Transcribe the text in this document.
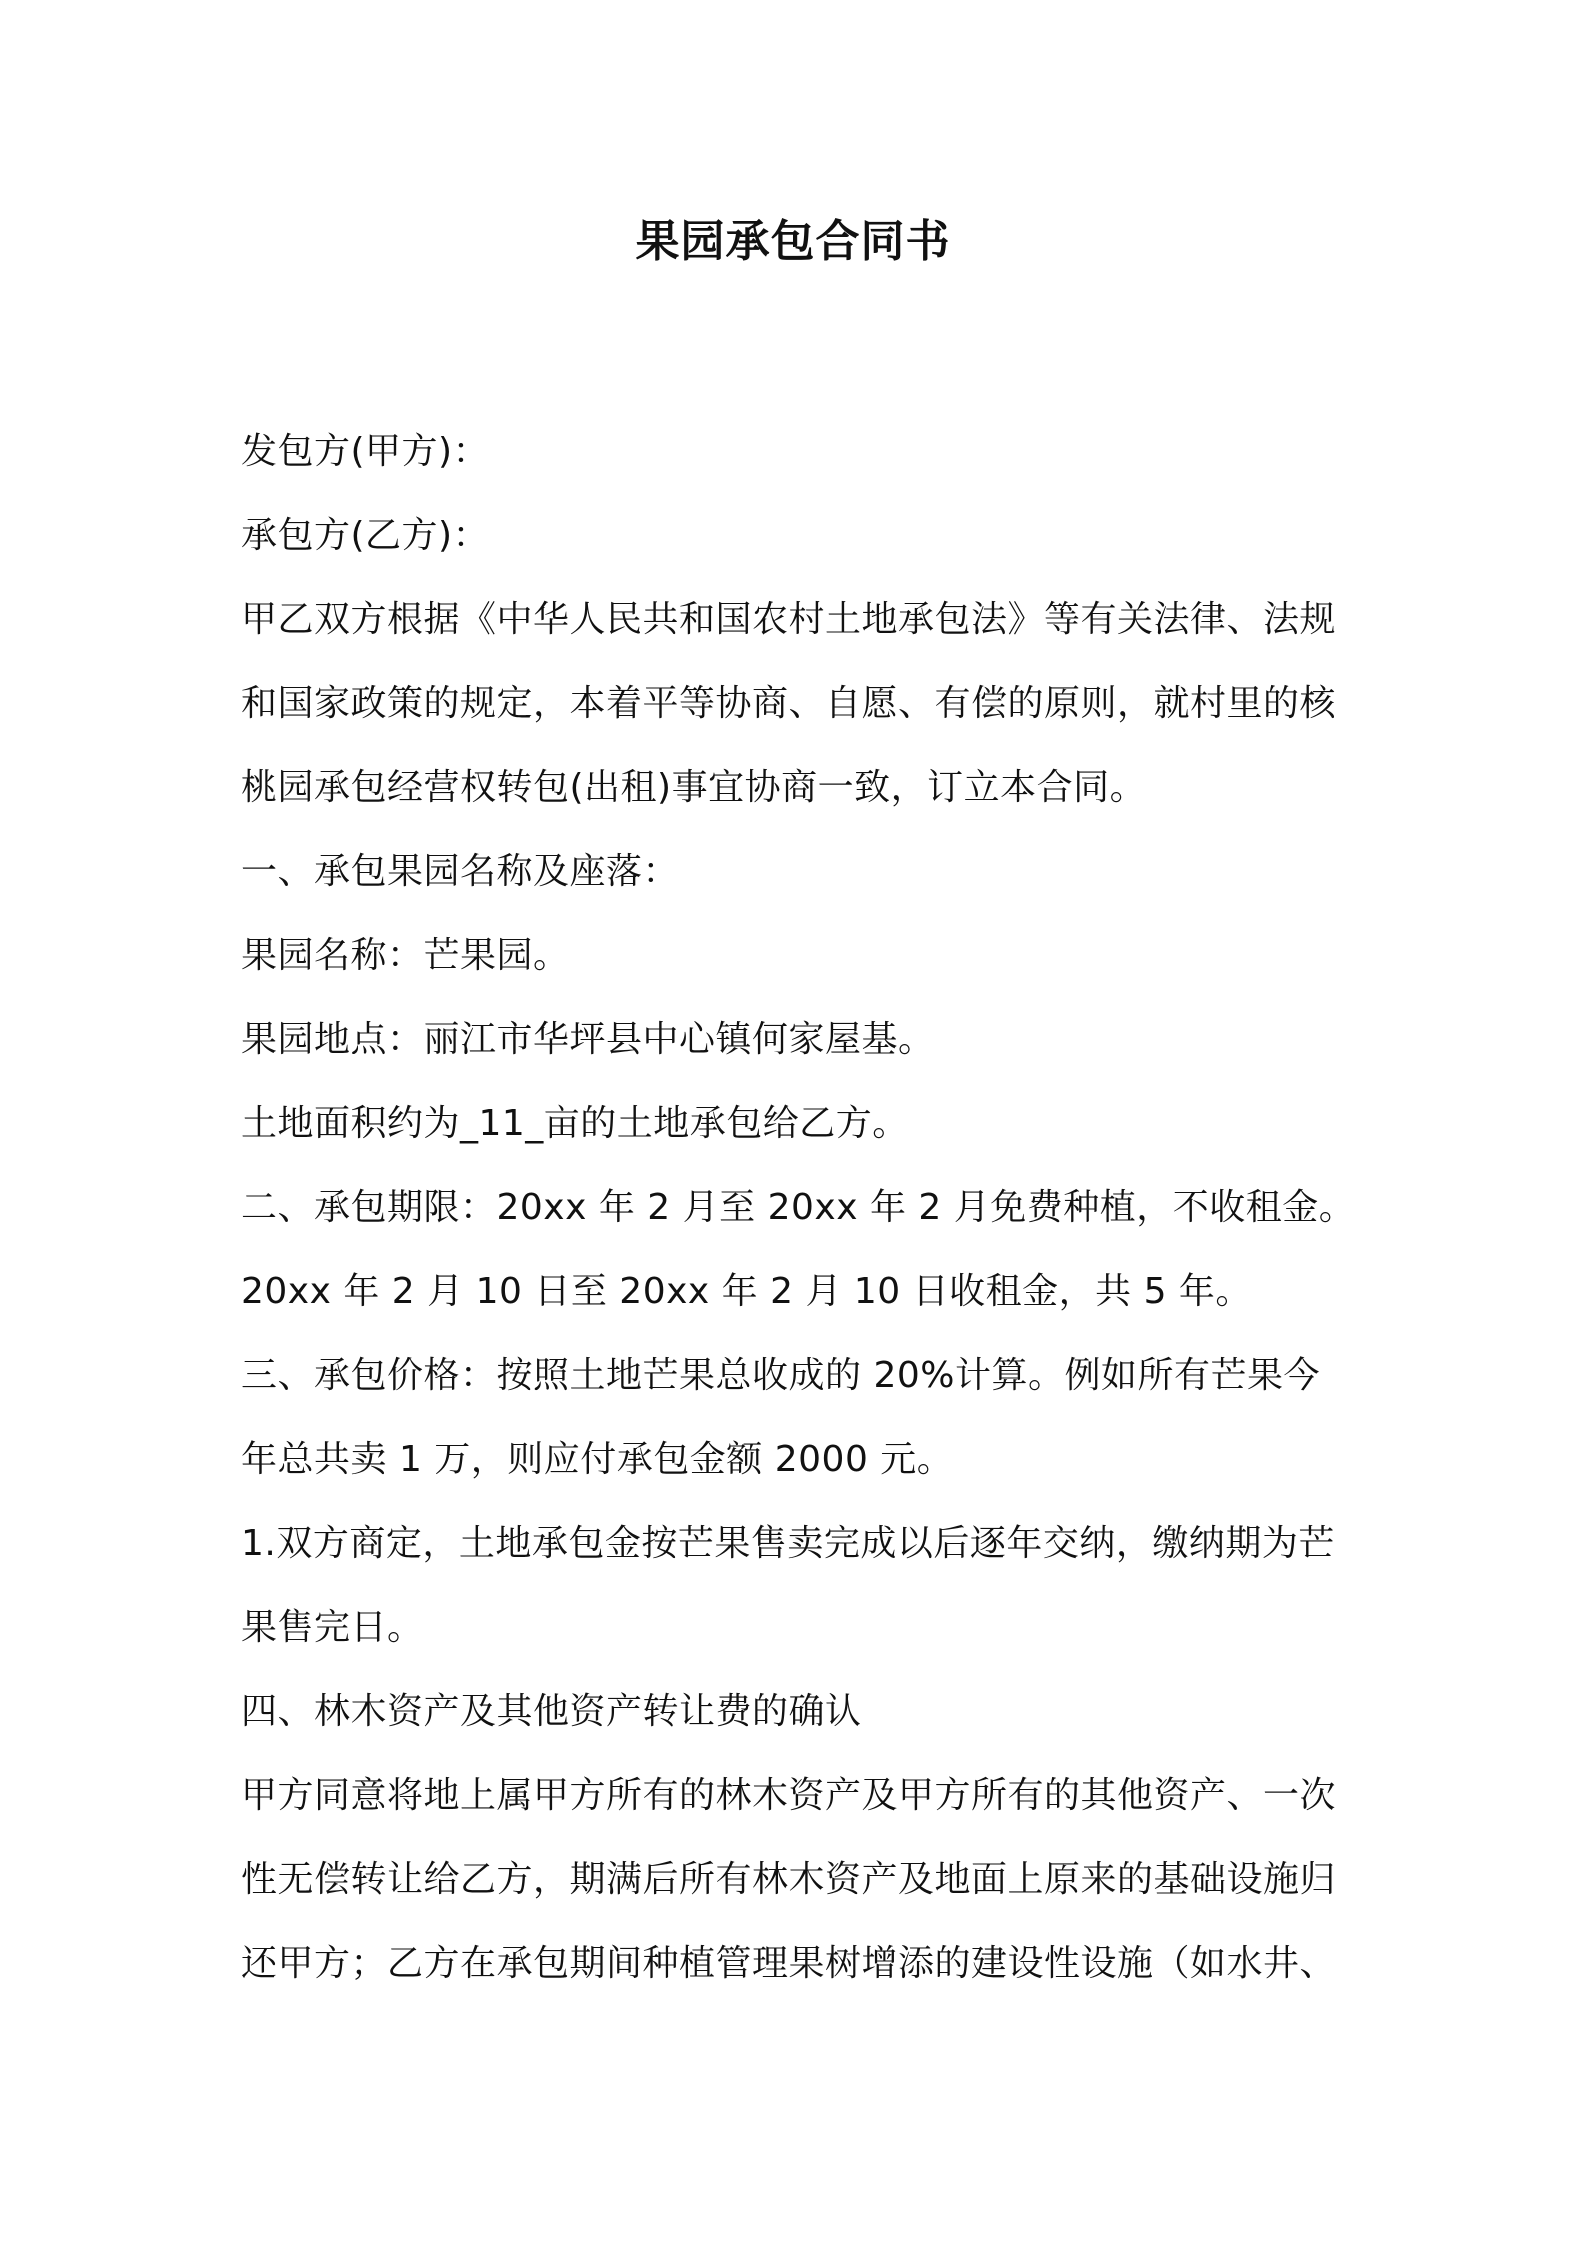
果园承包合同书
发包方(甲方)：
承包方(乙方)：
甲乙双方根据《中华人民共和国农村土地承包法》等有关法律、法规
和国家政策的规定，本着平等协商、自愿、有偿的原则，就村里的核
桃园承包经营权转包(出租)事宜协商一致，订立本合同。
一、承包果园名称及座落：
果园名称：芒果园。
果园地点：丽江市华坪县中心镇何家屋基。
土地面积约为_11_亩的土地承包给乙方。
二、承包期限：20xx 年 2 月至 20xx 年 2 月免费种植，不收租金。
20xx 年 2 月 10 日至 20xx 年 2 月 10 日收租金，共 5 年。
三、承包价格：按照土地芒果总收成的 20%计算。例如所有芒果今
年总共卖 1 万，则应付承包金额 2000 元。
1.双方商定，土地承包金按芒果售卖完成以后逐年交纳，缴纳期为芒
果售完日。
四、林木资产及其他资产转让费的确认
甲方同意将地上属甲方所有的林木资产及甲方所有的其他资产、一次
性无偿转让给乙方，期满后所有林木资产及地面上原来的基础设施归
还甲方；乙方在承包期间种植管理果树增添的建设性设施（如水井、
